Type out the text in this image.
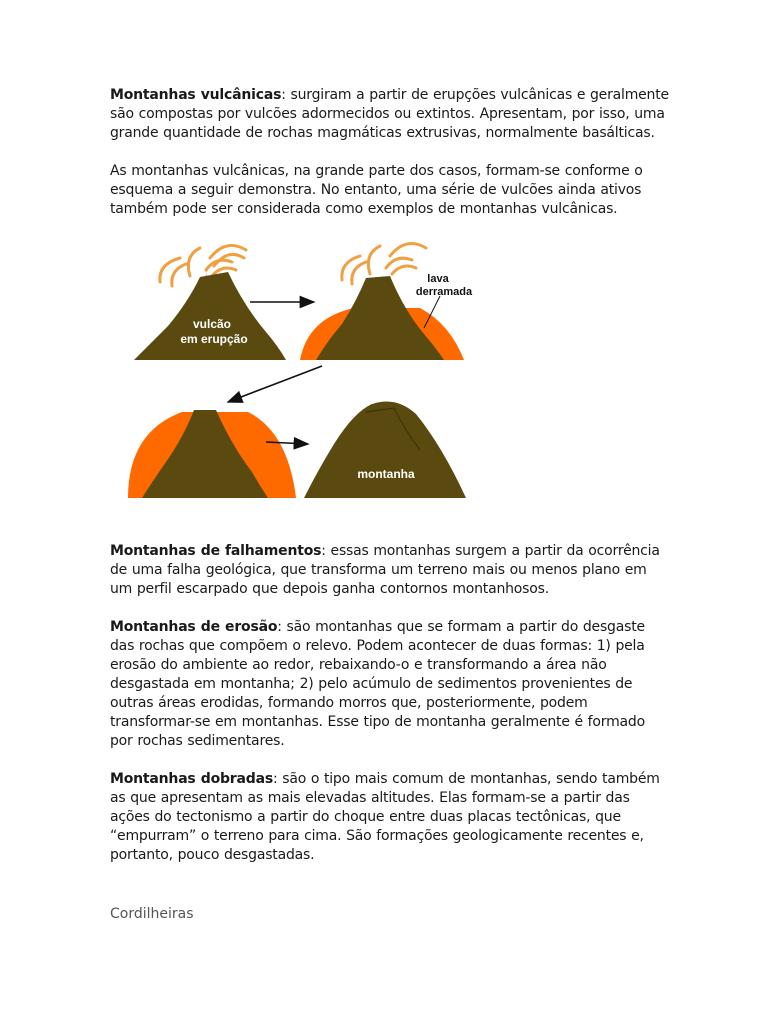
Montanhas vulcânicas: surgiram a partir de erupções vulcânicas e geralmente são compostas por vulcões adormecidos ou extintos. Apresentam, por isso, uma grande quantidade de rochas magmáticas extrusivas, normalmente basálticas.

As montanhas vulcânicas, na grande parte dos casos, formam-se conforme o esquema a seguir demonstra. No entanto, uma série de vulcões ainda ativos também pode ser considerada como exemplos de montanhas vulcânicas.

vulcão
em erupção
lava
derramada
montanha

Montanhas de falhamentos: essas montanhas surgem a partir da ocorrência de uma falha geológica, que transforma um terreno mais ou menos plano em um perfil escarpado que depois ganha contornos montanhosos.

Montanhas de erosão: são montanhas que se formam a partir do desgaste das rochas que compõem o relevo. Podem acontecer de duas formas: 1) pela erosão do ambiente ao redor, rebaixando-o e transformando a área não desgastada em montanha; 2) pelo acúmulo de sedimentos provenientes de outras áreas erodidas, formando morros que, posteriormente, podem transformar-se em montanhas. Esse tipo de montanha geralmente é formado por rochas sedimentares.

Montanhas dobradas: são o tipo mais comum de montanhas, sendo também as que apresentam as mais elevadas altitudes. Elas formam-se a partir das ações do tectonismo a partir do choque entre duas placas tectônicas, que “empurram” o terreno para cima. São formações geologicamente recentes e, portanto, pouco desgastadas.

Cordilheiras
